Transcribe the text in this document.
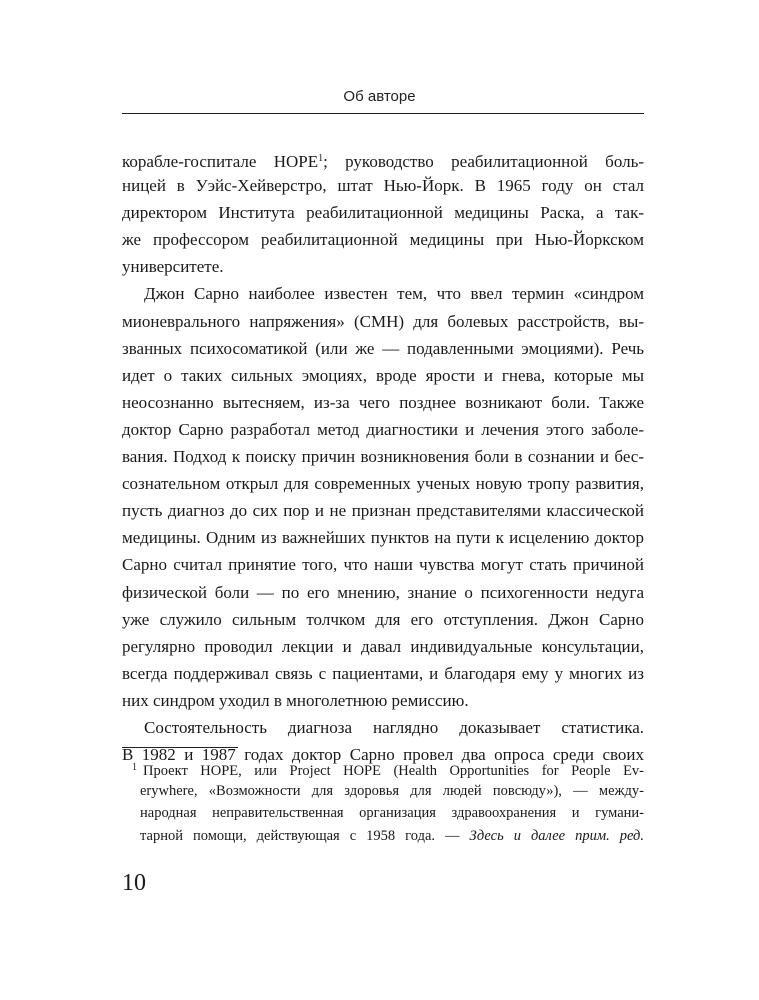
Об авторе
корабле-госпитале HOPE$^1$; руководство реабилитационной боль-
ницей в Уэйс-Хейверстро, штат Нью-Йорк. В 1965 году он стал
директором Института реабилитационной медицины Раска, а так-
же профессором реабилитационной медицины при Нью-Йоркском
университете.
Джон Сарно наиболее известен тем, что ввел термин «синдром
мионеврального напряжения» (СМН) для болевых расстройств, вы-
званных психосоматикой (или же — подавленными эмоциями). Речь
идет о таких сильных эмоциях, вроде ярости и гнева, которые мы
неосознанно вытесняем, из-за чего позднее возникают боли. Также
доктор Сарно разработал метод диагностики и лечения этого заболе-
вания. Подход к поиску причин возникновения боли в сознании и бес-
сознательном открыл для современных ученых новую тропу развития,
пусть диагноз до сих пор и не признан представителями классической
медицины. Одним из важнейших пунктов на пути к исцелению доктор
Сарно считал принятие того, что наши чувства могут стать причиной
физической боли — по его мнению, знание о психогенности недуга
уже служило сильным толчком для его отступления. Джон Сарно
регулярно проводил лекции и давал индивидуальные консультации,
всегда поддерживал связь с пациентами, и благодаря ему у многих из
них синдром уходил в многолетнюю ремиссию.
Состоятельность диагноза наглядно доказывает статистика.
В 1982 и 1987 годах доктор Сарно провел два опроса среди своих
$^1$ Проект HOPE, или Project HOPE (Health Opportunities for People Ev-
erywhere, «Возможности для здоровья для людей повсюду»), — между-
народная неправительственная организация здравоохранения и гумани-
тарной помощи, действующая с 1958 года. — Здесь и далее прим. ред.
10
